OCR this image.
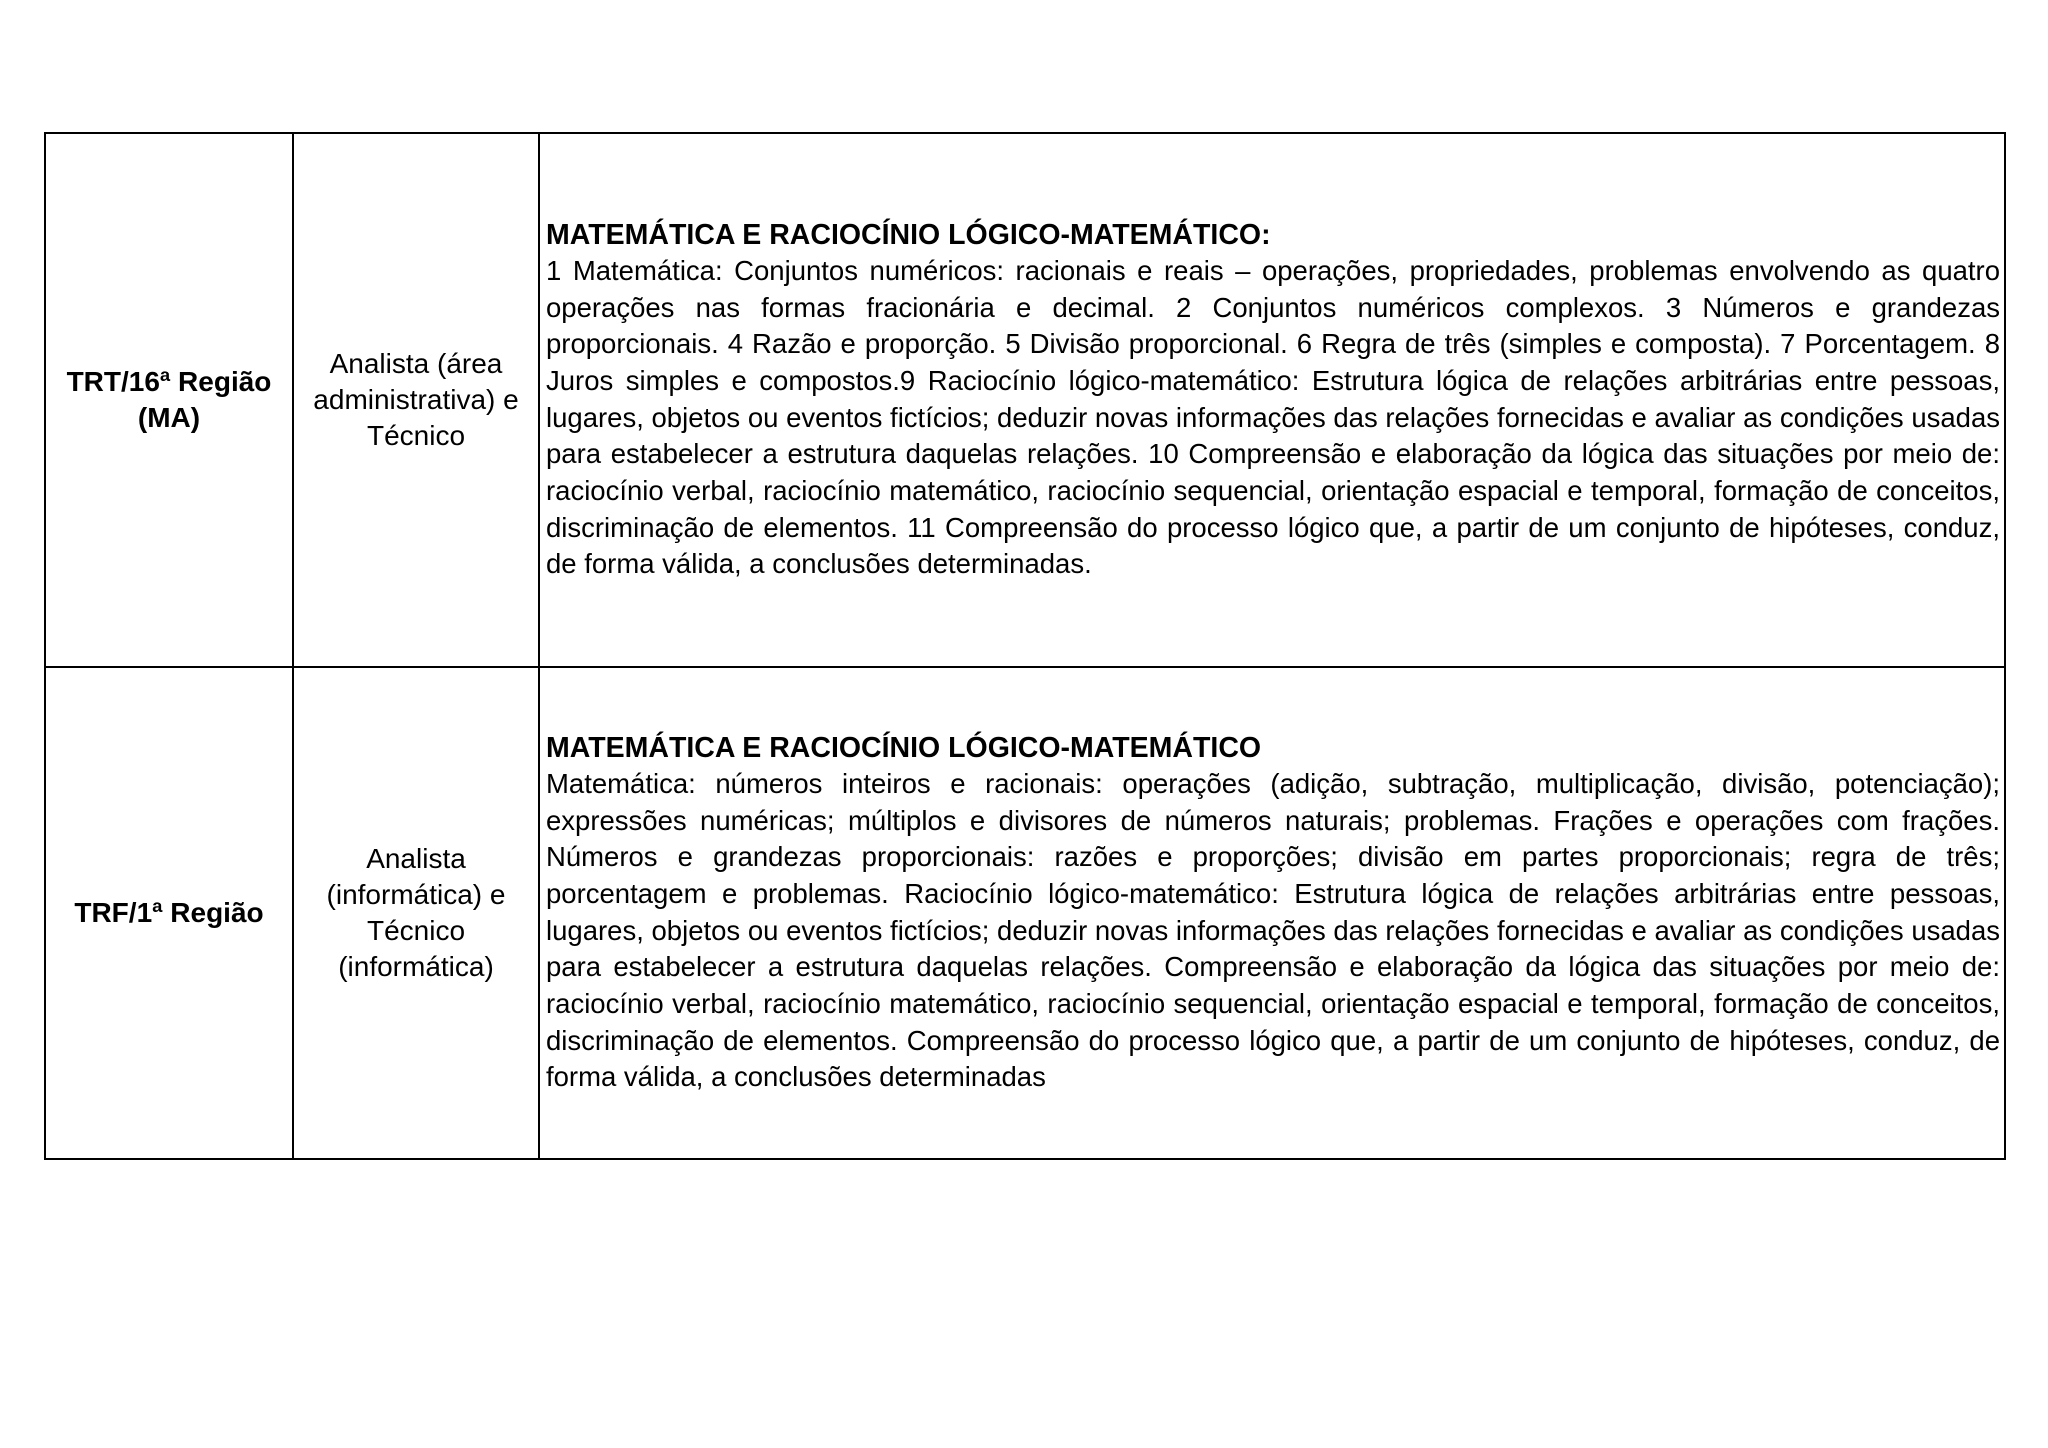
TRT/16ª Região (MA)	Analista (área administrativa) e Técnico	MATEMÁTICA E RACIOCÍNIO LÓGICO-MATEMÁTICO:
1 Matemática: Conjuntos numéricos: racionais e reais – operações, propriedades, problemas envolvendo as quatro operações nas formas fracionária e decimal. 2 Conjuntos numéricos complexos. 3 Números e grandezas proporcionais. 4 Razão e proporção. 5 Divisão proporcional. 6 Regra de três (simples e composta). 7 Porcentagem. 8 Juros simples e compostos.9 Raciocínio lógico-matemático: Estrutura lógica de relações arbitrárias entre pessoas, lugares, objetos ou eventos fictícios; deduzir novas informações das relações fornecidas e avaliar as condições usadas para estabelecer a estrutura daquelas relações. 10 Compreensão e elaboração da lógica das situações por meio de: raciocínio verbal, raciocínio matemático, raciocínio sequencial, orientação espacial e temporal, formação de conceitos, discriminação de elementos. 11 Compreensão do processo lógico que, a partir de um conjunto de hipóteses, conduz, de forma válida, a conclusões determinadas.

TRF/1ª Região	Analista (informática) e Técnico (informática)	MATEMÁTICA E RACIOCÍNIO LÓGICO-MATEMÁTICO
Matemática: números inteiros e racionais: operações (adição, subtração, multiplicação, divisão, potenciação); expressões numéricas; múltiplos e divisores de números naturais; problemas. Frações e operações com frações. Números e grandezas proporcionais: razões e proporções; divisão em partes proporcionais; regra de três; porcentagem e problemas. Raciocínio lógico-matemático: Estrutura lógica de relações arbitrárias entre pessoas, lugares, objetos ou eventos fictícios; deduzir novas informações das relações fornecidas e avaliar as condições usadas para estabelecer a estrutura daquelas relações. Compreensão e elaboração da lógica das situações por meio de: raciocínio verbal, raciocínio matemático, raciocínio sequencial, orientação espacial e temporal, formação de conceitos, discriminação de elementos. Compreensão do processo lógico que, a partir de um conjunto de hipóteses, conduz, de forma válida, a conclusões determinadas
